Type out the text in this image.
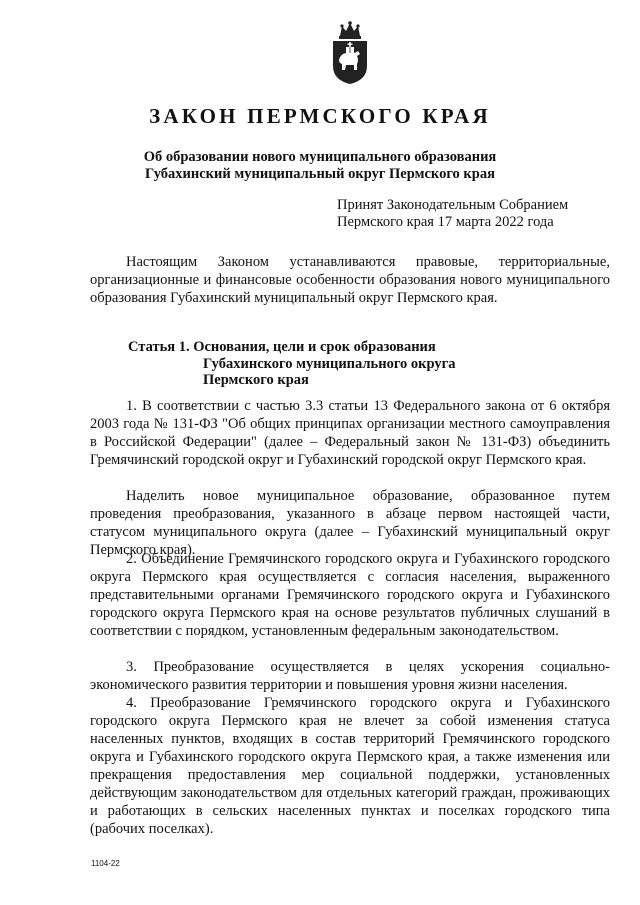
ЗАКОН ПЕРМСКОГО КРАЯ
Об образовании нового муниципального образования
Губахинский муниципальный округ Пермского края
Принят Законодательным Собранием
Пермского края 17 марта 2022 года

Настоящим Законом устанавливаются правовые, территориальные, организационные и финансовые особенности образования нового муниципального образования Губахинский муниципальный округ Пермского края.

Статья 1. Основания, цели и срок образования
Губахинского муниципального округа
Пермского края

1. В соответствии с частью 3.3 статьи 13 Федерального закона от 6 октября 2003 года № 131-ФЗ "Об общих принципах организации местного самоуправления в Российской Федерации" (далее – Федеральный закон № 131-ФЗ) объединить Гремячинский городской округ и Губахинский городской округ Пермского края.

Наделить новое муниципальное образование, образованное путем проведения преобразования, указанного в абзаце первом настоящей части, статусом муниципального округа (далее – Губахинский муниципальный округ Пермского края).

2. Объединение Гремячинского городского округа и Губахинского городского округа Пермского края осуществляется с согласия населения, выраженного представительными органами Гремячинского городского округа и Губахинского городского округа Пермского края на основе результатов публичных слушаний в соответствии с порядком, установленным федеральным законодательством.

3. Преобразование осуществляется в целях ускорения социально-экономического развития территории и повышения уровня жизни населения.

4. Преобразование Гремячинского городского округа и Губахинского городского округа Пермского края не влечет за собой изменения статуса населенных пунктов, входящих в состав территорий Гремячинского городского округа и Губахинского городского округа Пермского края, а также изменения или прекращения предоставления мер социальной поддержки, установленных действующим законодательством для отдельных категорий граждан, проживающих и работающих в сельских населенных пунктах и поселках городского типа (рабочих поселках).

1104-22
